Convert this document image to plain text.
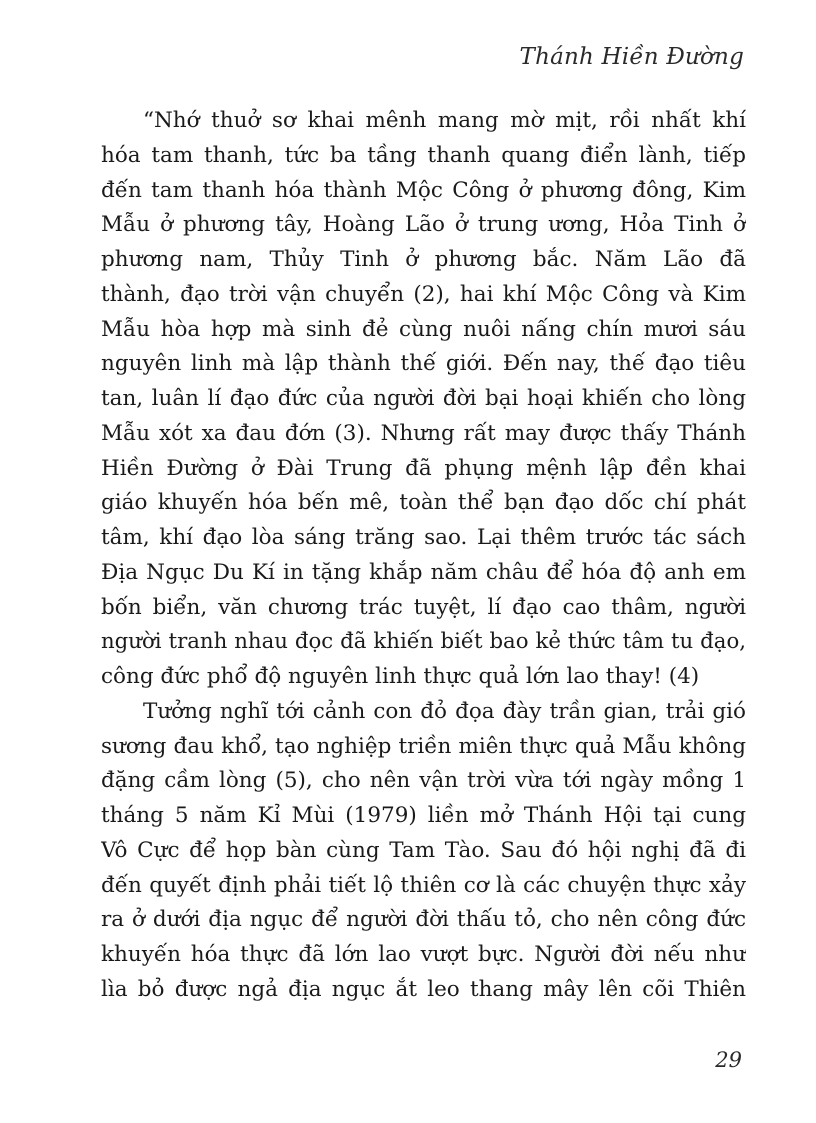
Thánh Hiền Đường
“Nhớ thuở sơ khai mênh mang mờ mịt, rồi nhất khí
hóa tam thanh, tức ba tầng thanh quang điển lành, tiếp
đến tam thanh hóa thành Mộc Công ở phương đông, Kim
Mẫu ở phương tây, Hoàng Lão ở trung ương, Hỏa Tinh ở
phương nam, Thủy Tinh ở phương bắc. Năm Lão đã
thành, đạo trời vận chuyển (2), hai khí Mộc Công và Kim
Mẫu hòa hợp mà sinh đẻ cùng nuôi nấng chín mươi sáu
nguyên linh mà lập thành thế giới. Đến nay, thế đạo tiêu
tan, luân lí đạo đức của người đời bại hoại khiến cho lòng
Mẫu xót xa đau đớn (3). Nhưng rất may được thấy Thánh
Hiền Đường ở Đài Trung đã phụng mệnh lập đền khai
giáo khuyến hóa bến mê, toàn thể bạn đạo dốc chí phát
tâm, khí đạo lòa sáng trăng sao. Lại thêm trước tác sách
Địa Ngục Du Kí in tặng khắp năm châu để hóa độ anh em
bốn biển, văn chương trác tuyệt, lí đạo cao thâm, người
người tranh nhau đọc đã khiến biết bao kẻ thức tâm tu đạo,
công đức phổ độ nguyên linh thực quả lớn lao thay! (4)
Tưởng nghĩ tới cảnh con đỏ đọa đày trần gian, trải gió
sương đau khổ, tạo nghiệp triền miên thực quả Mẫu không
đặng cầm lòng (5), cho nên vận trời vừa tới ngày mồng 1
tháng 5 năm Kỉ Mùi (1979) liền mở Thánh Hội tại cung
Vô Cực để họp bàn cùng Tam Tào. Sau đó hội nghị đã đi
đến quyết định phải tiết lộ thiên cơ là các chuyện thực xảy
ra ở dưới địa ngục để người đời thấu tỏ, cho nên công đức
khuyến hóa thực đã lớn lao vượt bực. Người đời nếu như
lìa bỏ được ngả địa ngục ắt leo thang mây lên cõi Thiên
29
